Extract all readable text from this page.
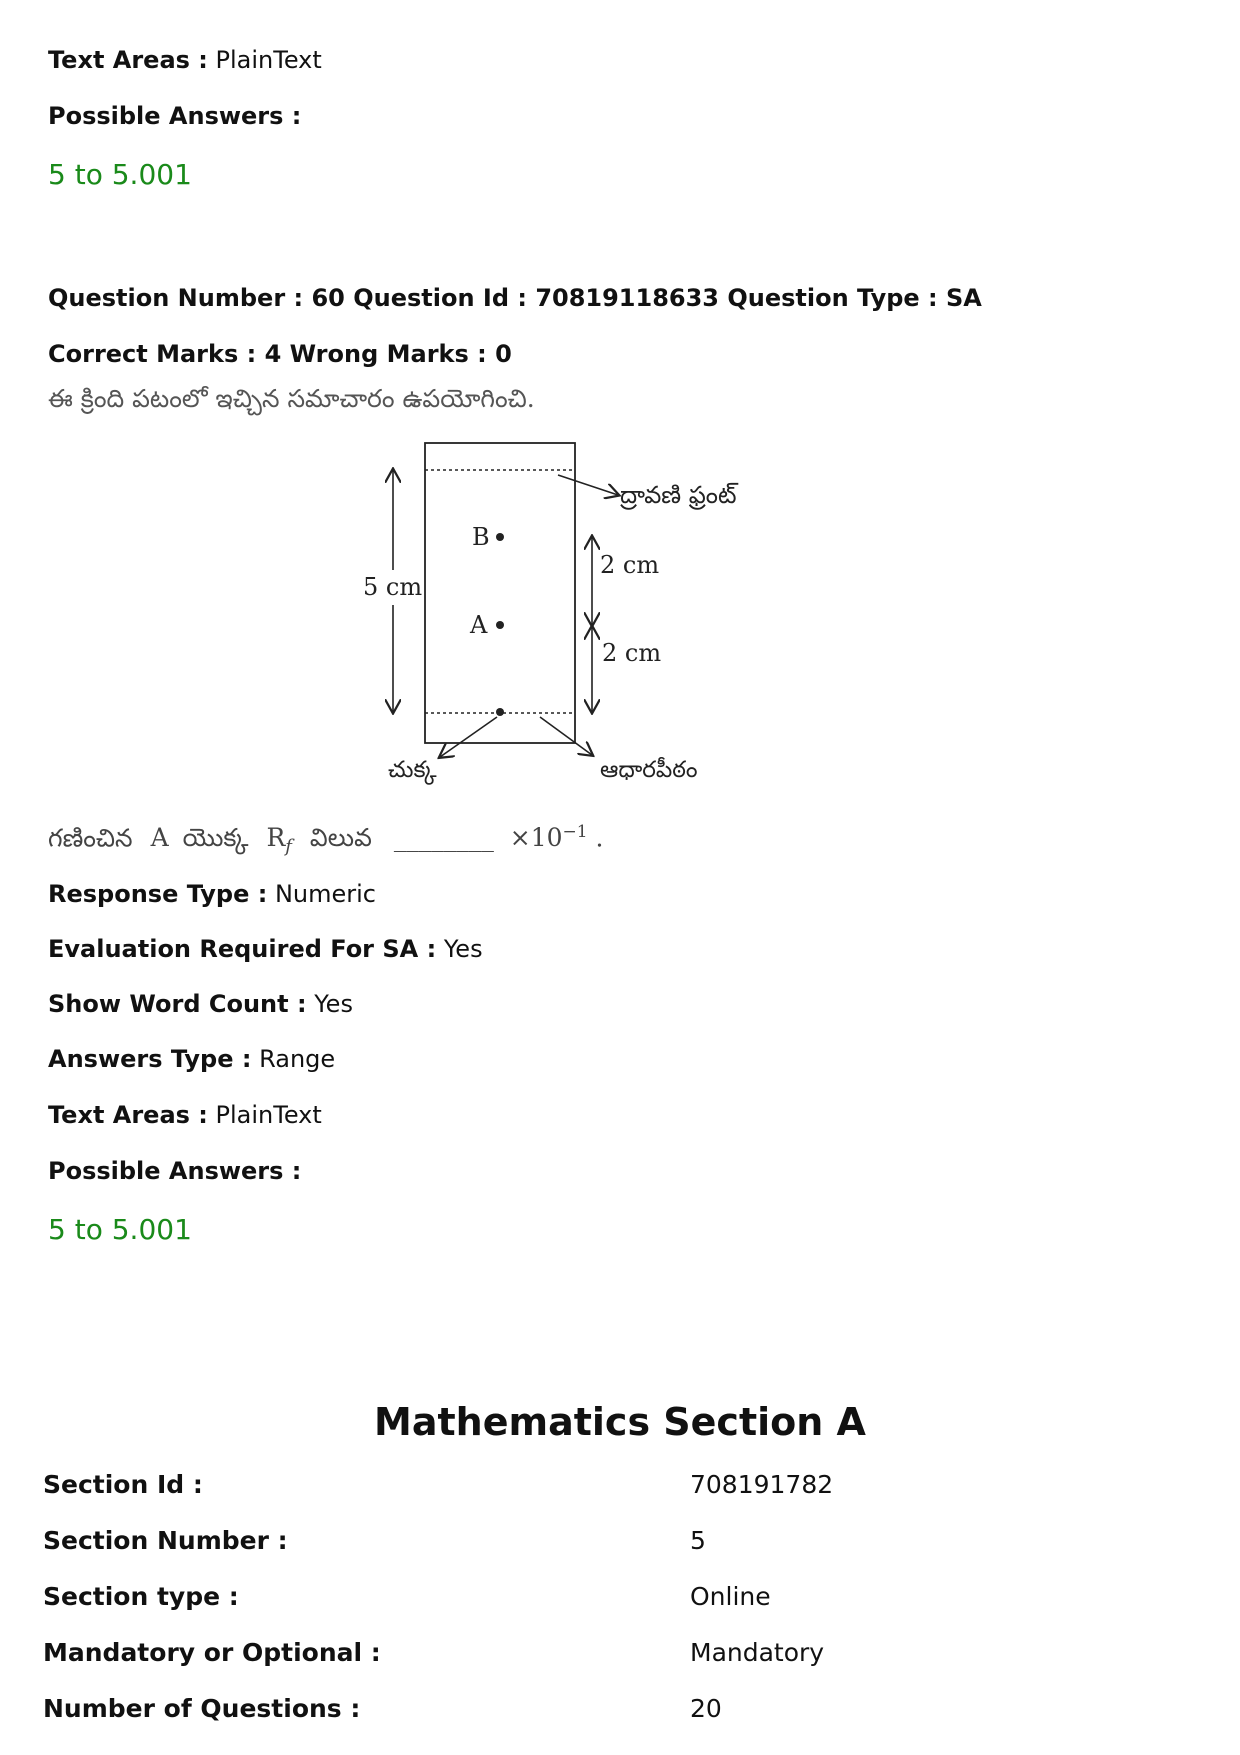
Text Areas : PlainText
Possible Answers :
5 to 5.001
Question Number : 60 Question Id : 70819118633 Question Type : SA
Correct Marks : 4 Wrong Marks : 0
ఈ క్రింది పటంలో ఇచ్చిన సమాచారం ఉపయోగించి.
B
A
5 cm
2 cm
2 cm
ద్రావణి ఫ్రంట్
చుక్క	ఆధారపీఠం
గణించిన A యొక్క $R_f$ విలువ ________ $\times 10^{-1}$ .
Response Type : Numeric
Evaluation Required For SA : Yes
Show Word Count : Yes
Answers Type : Range
Text Areas : PlainText
Possible Answers :
5 to 5.001
Mathematics Section A
Section Id :	708191782
Section Number :	5
Section type :	Online
Mandatory or Optional :	Mandatory
Number of Questions :	20
